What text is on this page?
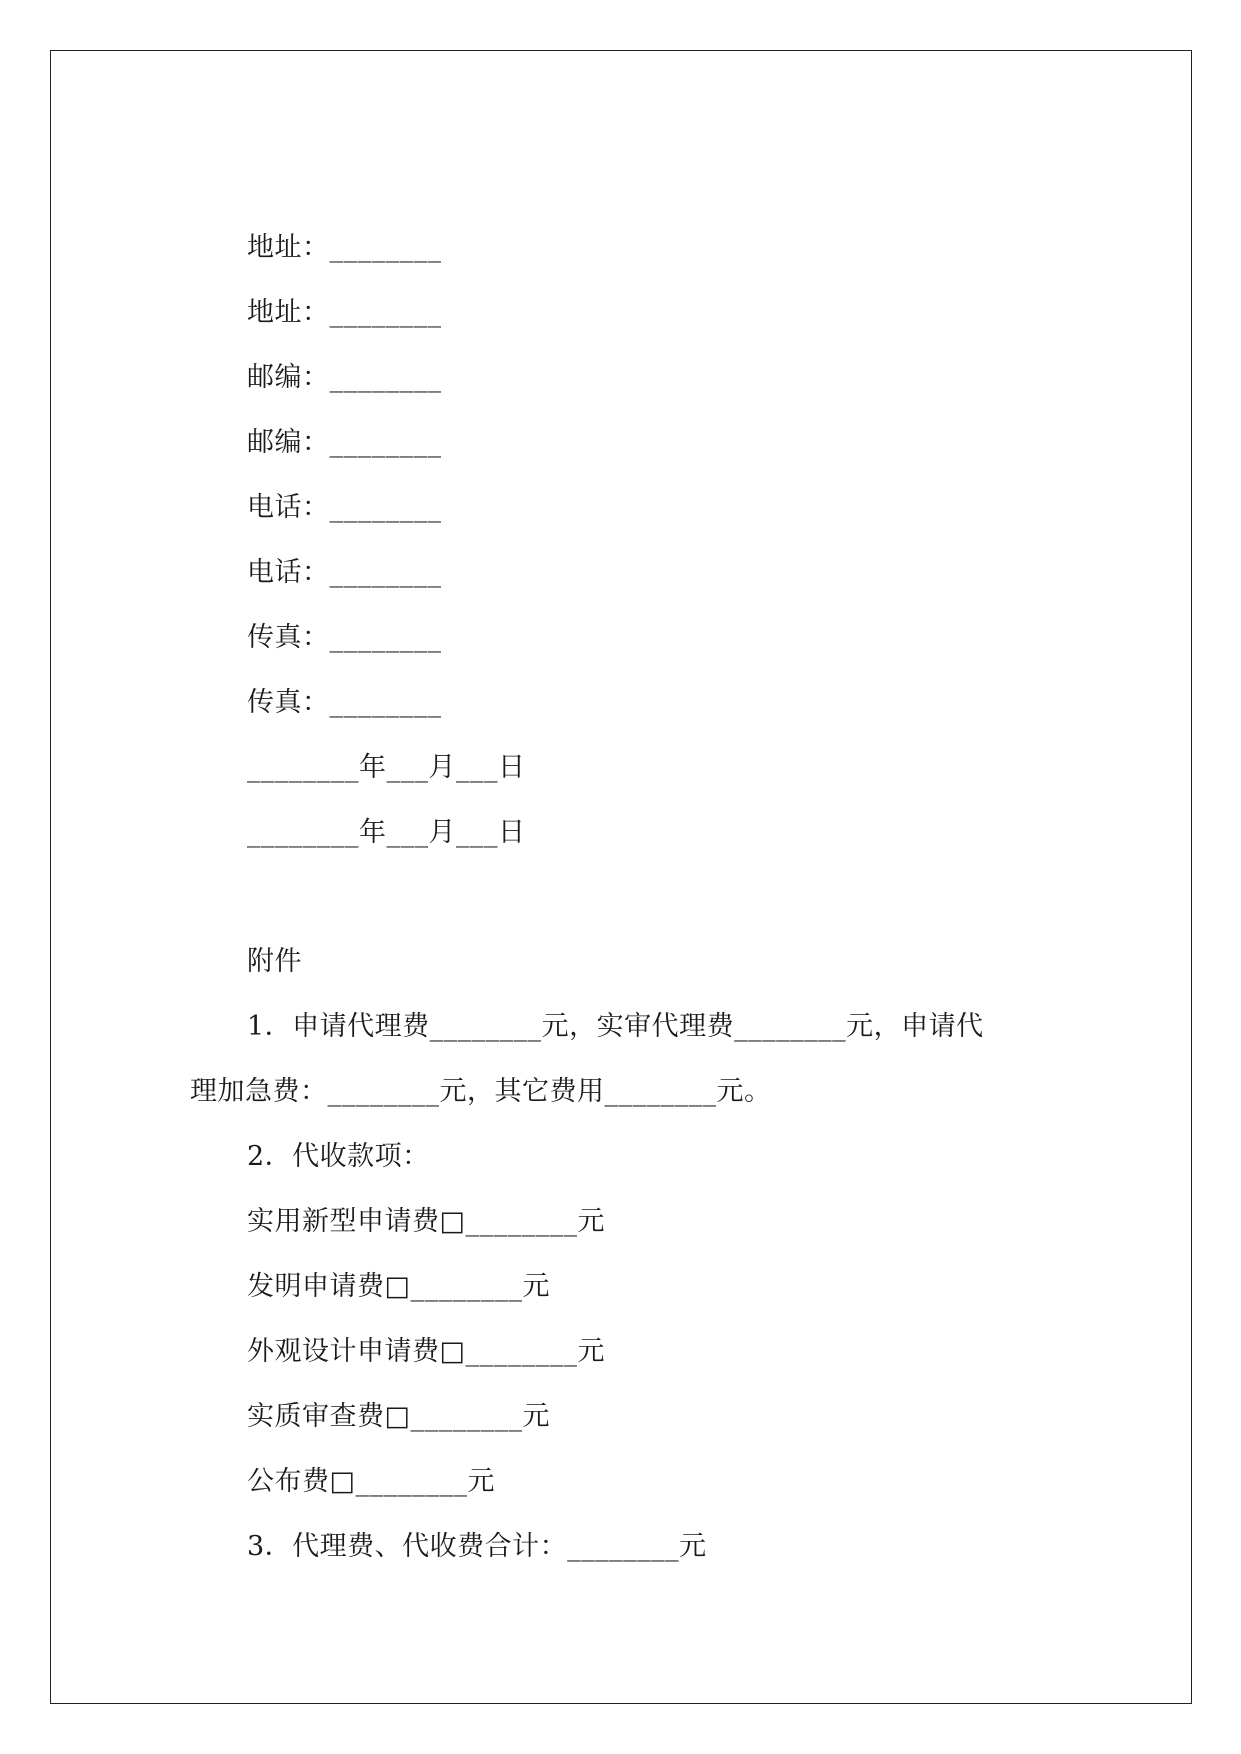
地址：________
地址：________
邮编：________
邮编：________
电话：________
电话：________
传真：________
传真：________
________年___月___日
________年___月___日
附件
1．申请代理费________元，实审代理费________元，申请代
理加急费：________元，其它费用________元。
2．代收款项：
实用新型申请费□________元
发明申请费□________元
外观设计申请费□________元
实质审查费□________元
公布费□________元
3．代理费、代收费合计：________元
